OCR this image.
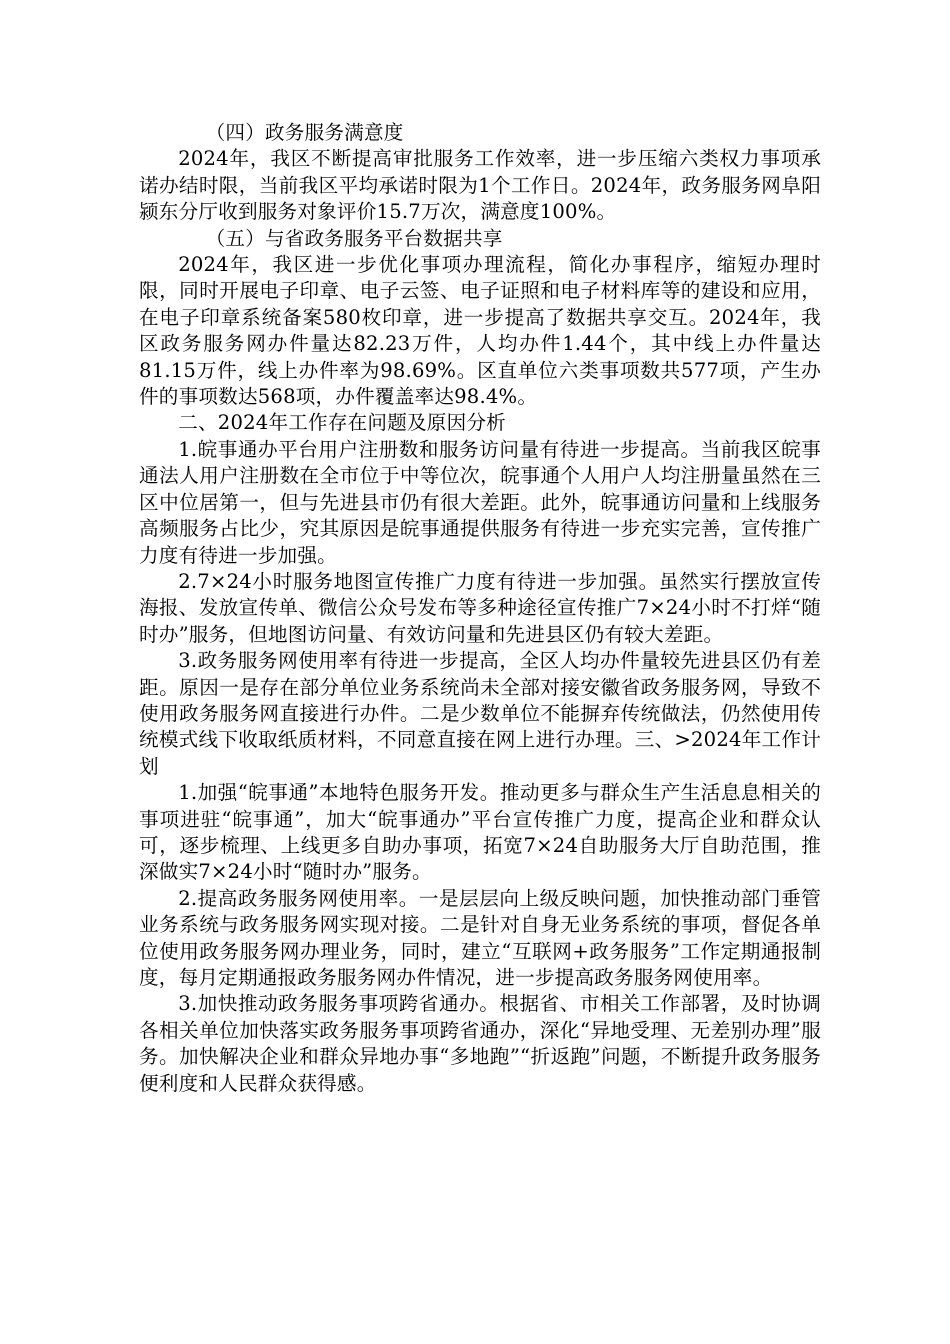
（四）政务服务满意度

2024年，我区不断提高审批服务工作效率，进一步压缩六类权力事项承诺办结时限，当前我区平均承诺时限为1个工作日。2024年，政务服务网阜阳颍东分厅收到服务对象评价15.7万次，满意度100%。

（五）与省政务服务平台数据共享

2024年，我区进一步优化事项办理流程，简化办事程序，缩短办理时限，同时开展电子印章、电子云签、电子证照和电子材料库等的建设和应用，在电子印章系统备案580枚印章，进一步提高了数据共享交互。2024年，我区政务服务网办件量达82.23万件，人均办件1.44个，其中线上办件量达81.15万件，线上办件率为98.69%。区直单位六类事项数共577项，产生办件的事项数达568项，办件覆盖率达98.4%。

二、2024年工作存在问题及原因分析

1.皖事通办平台用户注册数和服务访问量有待进一步提高。当前我区皖事通法人用户注册数在全市位于中等位次，皖事通个人用户人均注册量虽然在三区中位居第一，但与先进县市仍有很大差距。此外，皖事通访问量和上线服务高频服务占比少，究其原因是皖事通提供服务有待进一步充实完善，宣传推广力度有待进一步加强。

2.7×24小时服务地图宣传推广力度有待进一步加强。虽然实行摆放宣传海报、发放宣传单、微信公众号发布等多种途径宣传推广7×24小时不打烊“随时办”服务，但地图访问量、有效访问量和先进县区仍有较大差距。

3.政务服务网使用率有待进一步提高，全区人均办件量较先进县区仍有差距。原因一是存在部分单位业务系统尚未全部对接安徽省政务服务网，导致不使用政务服务网直接进行办件。二是少数单位不能摒弃传统做法，仍然使用传统模式线下收取纸质材料，不同意直接在网上进行办理。三、>2024年工作计划

1.加强“皖事通”本地特色服务开发。推动更多与群众生产生活息息相关的事项进驻“皖事通”，加大“皖事通办”平台宣传推广力度，提高企业和群众认可，逐步梳理、上线更多自助办事项，拓宽7×24自助服务大厅自助范围，推深做实7×24小时“随时办”服务。

2.提高政务服务网使用率。一是层层向上级反映问题，加快推动部门垂管业务系统与政务服务网实现对接。二是针对自身无业务系统的事项，督促各单位使用政务服务网办理业务，同时，建立“互联网+政务服务”工作定期通报制度，每月定期通报政务服务网办件情况，进一步提高政务服务网使用率。

3.加快推动政务服务事项跨省通办。根据省、市相关工作部署，及时协调各相关单位加快落实政务服务事项跨省通办，深化“异地受理、无差别办理”服务。加快解决企业和群众异地办事“多地跑”“折返跑”问题，不断提升政务服务便利度和人民群众获得感。
